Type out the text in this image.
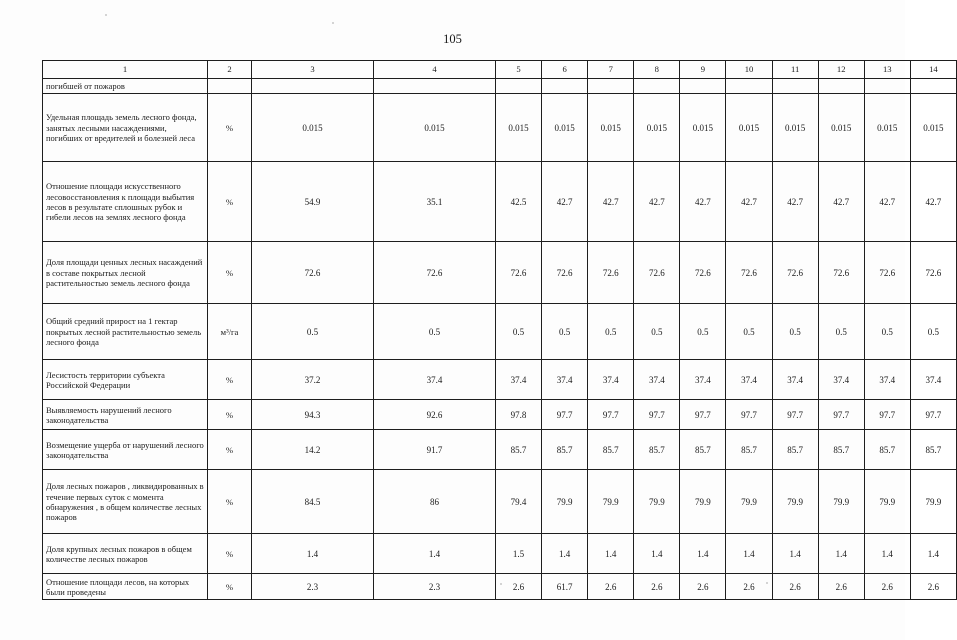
105
1	2	3	4	5	6	7	8	9	10	11	12	13	14
погибшей от пожаров													
Удельная площадь земель лесного фонда, занятых лесными насаждениями, погибших от вредителей и болезней леса	%	0.015	0.015	0.015	0.015	0.015	0.015	0.015	0.015	0.015	0.015	0.015	0.015
Отношение площади искусственного лесовосстановления к площади выбытия лесов в результате сплошных рубок и гибели лесов на землях лесного фонда	%	54.9	35.1	42.5	42.7	42.7	42.7	42.7	42.7	42.7	42.7	42.7	42.7
Доля площади ценных лесных насаждений в составе покрытых лесной растительностью земель лесного фонда	%	72.6	72.6	72.6	72.6	72.6	72.6	72.6	72.6	72.6	72.6	72.6	72.6
Общий средний прирост на 1 гектар покрытых лесной растительностью земель лесного фонда	м³/га	0.5	0.5	0.5	0.5	0.5	0.5	0.5	0.5	0.5	0.5	0.5	0.5
Лесистость территории субъекта Российской Федерации	%	37.2	37.4	37.4	37.4	37.4	37.4	37.4	37.4	37.4	37.4	37.4	37.4
Выявляемость нарушений лесного законодательства	%	94.3	92.6	97.8	97.7	97.7	97.7	97.7	97.7	97.7	97.7	97.7	97.7
Возмещение ущерба от нарушений лесного законодательства	%	14.2	91.7	85.7	85.7	85.7	85.7	85.7	85.7	85.7	85.7	85.7	85.7
Доля лесных пожаров , ликвидированных в течение первых суток с момента обнаружения , в общем количестве лесных пожаров	%	84.5	86	79.4	79.9	79.9	79.9	79.9	79.9	79.9	79.9	79.9	79.9
Доля крупных лесных пожаров в общем количестве лесных пожаров	%	1.4	1.4	1.5	1.4	1.4	1.4	1.4	1.4	1.4	1.4	1.4	1.4
Отношение площади лесов, на которых были проведены	%	2.3	2.3	2.6	61.7	2.6	2.6	2.6	2.6	2.6	2.6	2.6	2.6
